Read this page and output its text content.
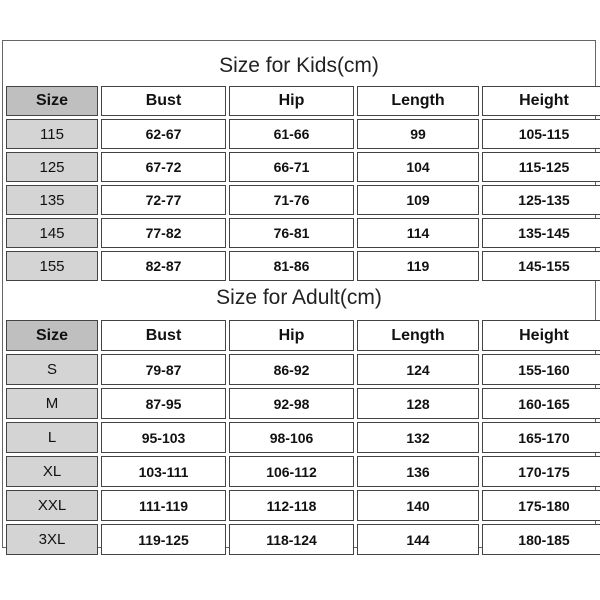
Size for Kids(cm)
Size	Bust	Hip	Length	Height
115	62-67	61-66	99	105-115
125	67-72	66-71	104	115-125
135	72-77	71-76	109	125-135
145	77-82	76-81	114	135-145
155	82-87	81-86	119	145-155
Size for Adult(cm)
Size	Bust	Hip	Length	Height
S	79-87	86-92	124	155-160
M	87-95	92-98	128	160-165
L	95-103	98-106	132	165-170
XL	103-111	106-112	136	170-175
XXL	111-119	112-118	140	175-180
3XL	119-125	118-124	144	180-185
